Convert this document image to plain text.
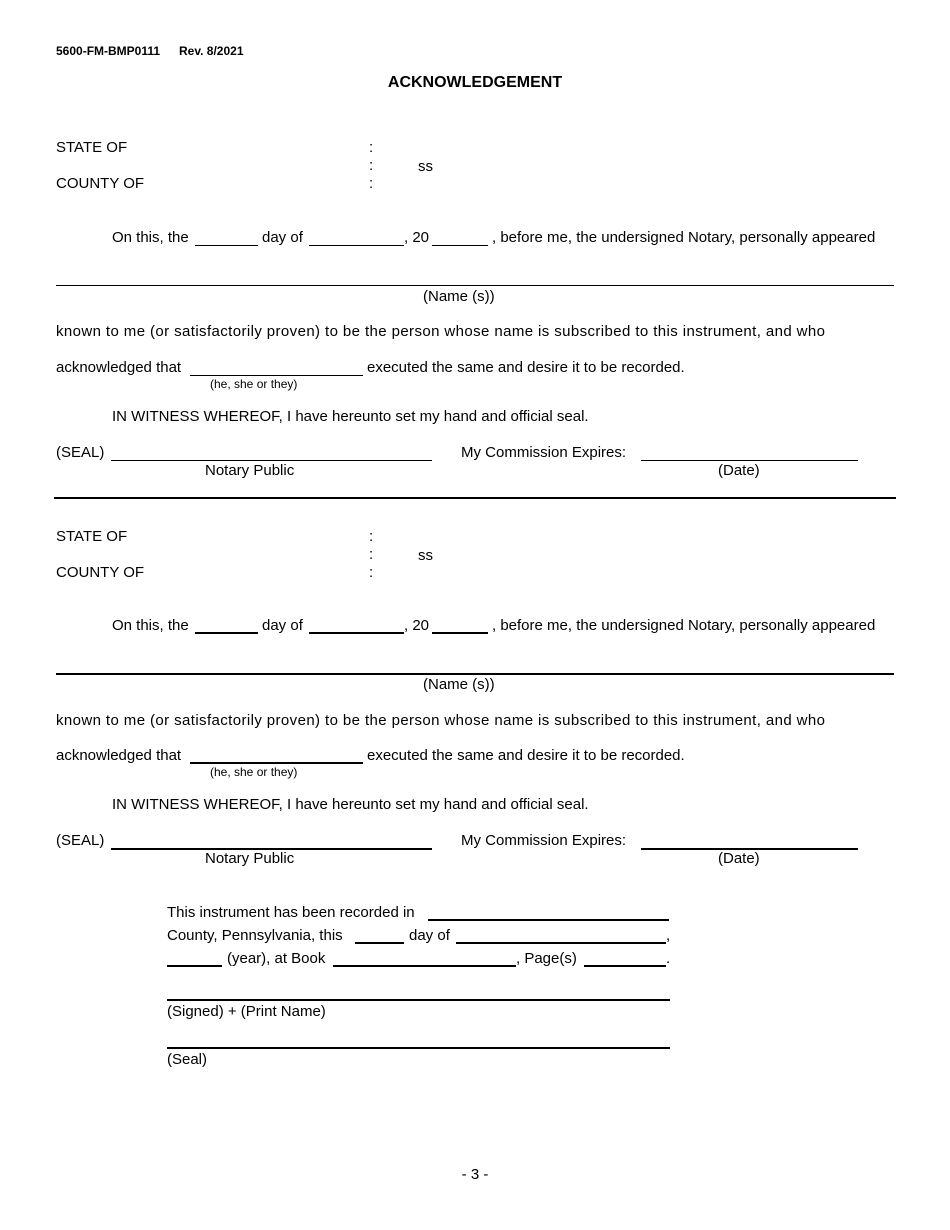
5600-FM-BMP0111 Rev. 8/2021
ACKNOWLEDGEMENT
STATE OF
COUNTY OF
:
:
:
ss
On this, the	day of	, 20	, before me, the undersigned Notary, personally appeared
(Name (s))
known to me (or satisfactorily proven) to be the person whose name is subscribed to this instrument, and who
acknowledged that
(he, she or they)
executed the same and desire it to be recorded.
IN WITNESS WHEREOF, I have hereunto set my hand and official seal.
(SEAL)
Notary Public
My Commission Expires:
(Date)
STATE OF
COUNTY OF
:
:
:
ss
On this, the	day of	, 20	, before me, the undersigned Notary, personally appeared
(Name (s))
known to me (or satisfactorily proven) to be the person whose name is subscribed to this instrument, and who
acknowledged that
(he, she or they)
executed the same and desire it to be recorded.
IN WITNESS WHEREOF, I have hereunto set my hand and official seal.
(SEAL)
Notary Public
My Commission Expires:
(Date)
This instrument has been recorded in
County, Pennsylvania, this	day of	,
(year), at Book	, Page(s)	.
(Signed) + (Print Name)
(Seal)
- 3 -
